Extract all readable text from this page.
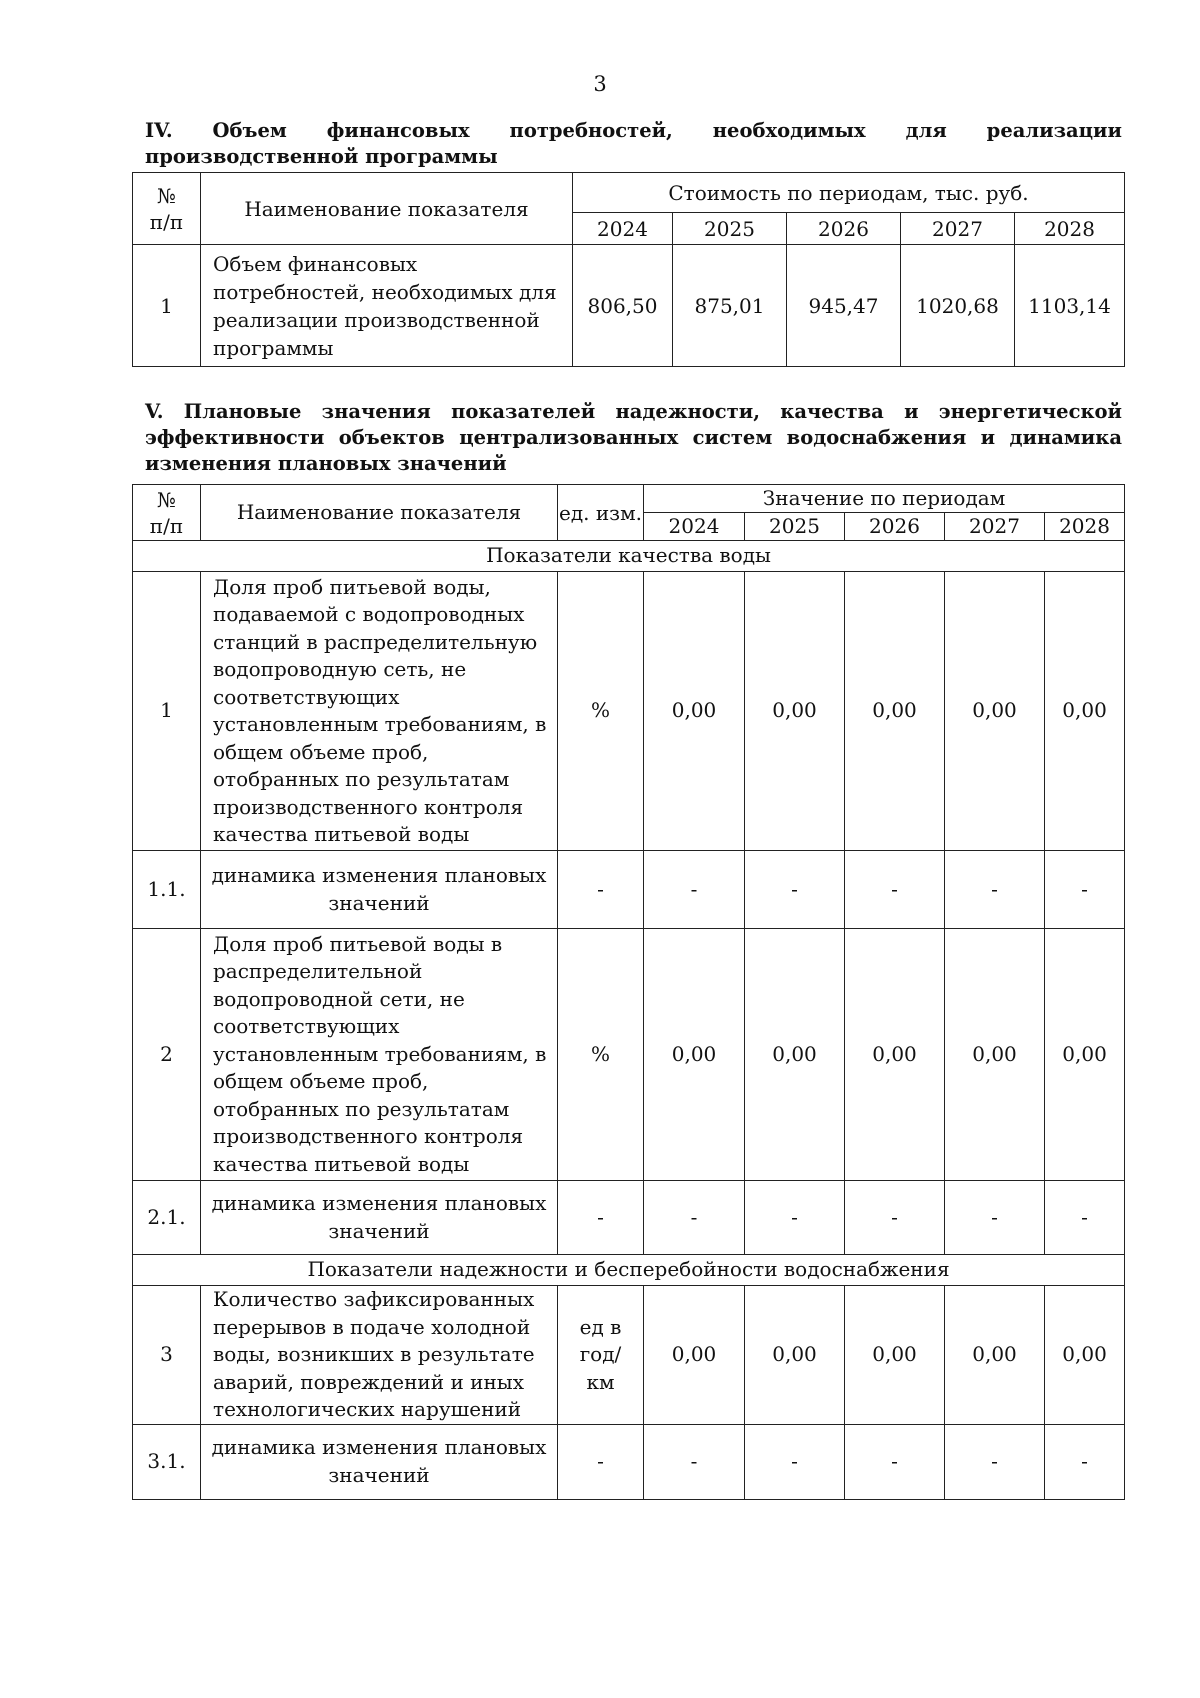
3
IV. Объем финансовых потребностей, необходимых для реализации производственной программы
№ п/п	Наименование показателя	Стоимость по периодам, тыс. руб.				
		2024	2025	2026	2027	2028
1	Объем финансовых потребностей, необходимых для реализации производственной программы	806,50	875,01	945,47	1020,68	1103,14
V. Плановые значения показателей надежности, качества и энергетической эффективности объектов централизованных систем водоснабжения и динамика изменения плановых значений
№ п/п	Наименование показателя	ед. изм.	Значение по периодам				
			2024	2025	2026	2027	2028
Показатели качества воды							
1	Доля проб питьевой воды, подаваемой с водопроводных станций в распределительную водопроводную сеть, не соответствующих установленным требованиям, в общем объеме проб, отобранных по результатам производственного контроля качества питьевой воды	%	0,00	0,00	0,00	0,00	0,00
1.1.	динамика изменения плановых значений	-	-	-	-	-	-
2	Доля проб питьевой воды в распределительной водопроводной сети, не соответствующих установленным требованиям, в общем объеме проб, отобранных по результатам производственного контроля качества питьевой воды	%	0,00	0,00	0,00	0,00	0,00
2.1.	динамика изменения плановых значений	-	-	-	-	-	-
Показатели надежности и бесперебойности водоснабжения							
3	Количество зафиксированных перерывов в подаче холодной воды, возникших в результате аварий, повреждений и иных технологических нарушений	ед в год/ км	0,00	0,00	0,00	0,00	0,00
3.1.	динамика изменения плановых значений	-	-	-	-	-	-
